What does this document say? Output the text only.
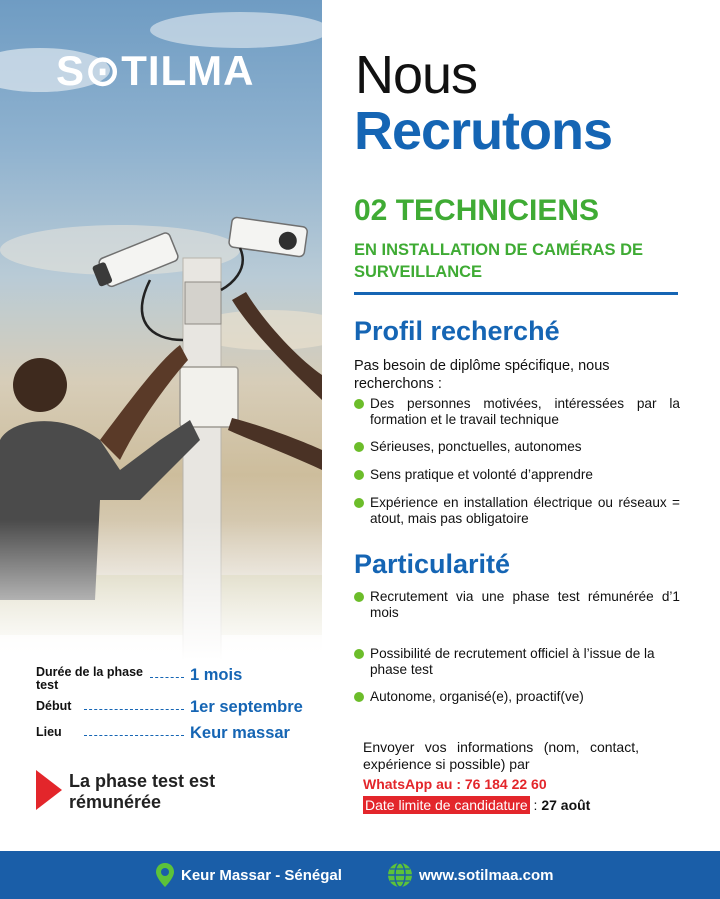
S⊙TILMA Nous
Recrutons
02 TECHNICIENS
EN INSTALLATION DE CAMÉRAS DE SURVEILLANCE
Profil recherché
Pas besoin de diplôme spécifique, nous recherchons :
Des personnes motivées, intéressées par la formation et le travail technique
Sérieuses, ponctuelles, autonomes
Sens pratique et volonté d’apprendre
Expérience en installation électrique ou réseaux = atout, mais pas obligatoire
Particularité
Recrutement via une phase test rémunérée d’1 mois
Possibilité de recrutement officiel à l’issue de la phase test
Autonome, organisé(e), proactif(ve)
Envoyer vos informations (nom, contact, expérience si possible) par
WhatsApp au : 76 184 22 60
Date limite de candidature : 27 août
Durée de la phase test
1 mois
Début	1er septembre
Lieu	Keur massar
La phase test est rémunérée
Keur Massar - Sénégal	www.sotilmaa.com
